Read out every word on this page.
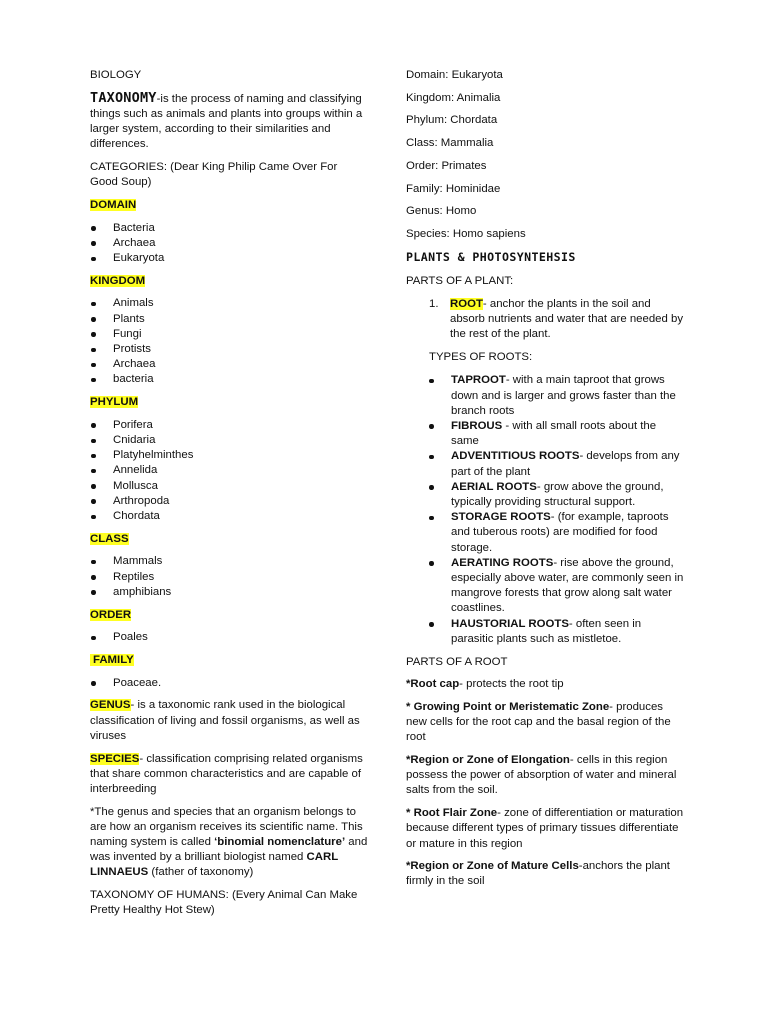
BIOLOGY

TAXONOMY-is the process of naming and classifying things such as animals and plants into groups within a larger system, according to their similarities and differences.

CATEGORIES: (Dear King Philip Came Over For Good Soup)

DOMAIN

Bacteria
Archaea
Eukaryota

KINGDOM

Animals
Plants
Fungi
Protists
Archaea
bacteria

PHYLUM

Porifera
Cnidaria
Platyhelminthes
Annelida
Mollusca
Arthropoda
Chordata

CLASS

Mammals
Reptiles
amphibians

ORDER

Poales

FAMILY

Poaceae.

GENUS- is a taxonomic rank used in the biological classification of living and fossil organisms, as well as viruses

SPECIES- classification comprising related organisms that share common characteristics and are capable of interbreeding

*The genus and species that an organism belongs to are how an organism receives its scientific name. This naming system is called ‘binomial nomenclature’ and was invented by a brilliant biologist named CARL LINNAEUS (father of taxonomy)

TAXONOMY OF HUMANS: (Every Animal Can Make Pretty Healthy Hot Stew)

Domain: Eukaryota

Kingdom: Animalia

Phylum: Chordata

Class: Mammalia

Order: Primates

Family: Hominidae

Genus: Homo

Species: Homo sapiens

PLANTS & PHOTOSYNTEHSIS

PARTS OF A PLANT:

1. ROOT- anchor the plants in the soil and absorb nutrients and water that are needed by the rest of the plant.

TYPES OF ROOTS:

TAPROOT- with a main taproot that grows down and is larger and grows faster than the branch roots
FIBROUS - with all small roots about the same
ADVENTITIOUS ROOTS- develops from any part of the plant
AERIAL ROOTS- grow above the ground, typically providing structural support.
STORAGE ROOTS- (for example, taproots and tuberous roots) are modified for food storage.
AERATING ROOTS- rise above the ground, especially above water, are commonly seen in mangrove forests that grow along salt water coastlines.
HAUSTORIAL ROOTS- often seen in parasitic plants such as mistletoe.

PARTS OF A ROOT

*Root cap- protects the root tip

* Growing Point or Meristematic Zone- produces new cells for the root cap and the basal region of the root

*Region or Zone of Elongation- cells in this region possess the power of absorption of water and mineral salts from the soil.

* Root Flair Zone- zone of differentiation or maturation because different types of primary tissues differentiate or mature in this region

*Region or Zone of Mature Cells-anchors the plant firmly in the soil
